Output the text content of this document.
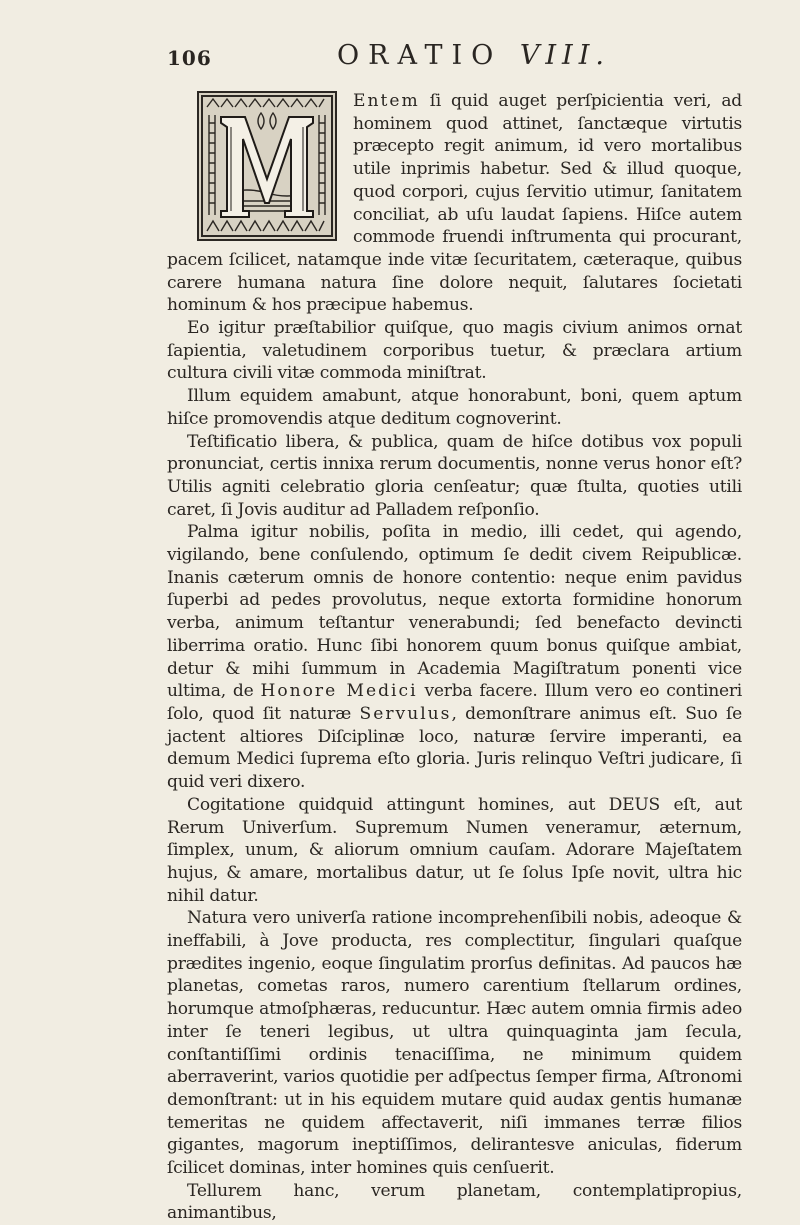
106	ORATIO VIII.

Entem ſi quid auget perſpicientia veri, ad hominem quod attinet, ſanctæque virtutis præcepto regit animum, id vero mortalibus utile inprimis habetur. Sed & illud quoque, quod corpori, cujus ſervitio utimur, ſanitatem conciliat, ab uſu laudat ſapiens. Hiſce autem commode fruendi inſtrumenta qui procurant, pacem ſcilicet, natamque inde vitæ ſecuritatem, cæteraque, quibus carere humana natura ſine dolore nequit, ſalutares ſocietati hominum & hos præcipue habemus.

Eo igitur præſtabilior quiſque, quo magis civium animos ornat ſapientia, valetudinem corporibus tuetur, & præclara artium cultura civili vitæ commoda miniſtrat.

Illum equidem amabunt, atque honorabunt, boni, quem aptum hiſce promovendis atque deditum cognoverint.

Teſtificatio libera, & publica, quam de hiſce dotibus vox populi pronunciat, certis innixa rerum documentis, nonne verus honor eſt? Utilis agniti celebratio gloria cenſeatur; quæ ſtulta, quoties utili caret, ſi Jovis auditur ad Palladem reſponſio.

Palma igitur nobilis, poſita in medio, illi cedet, qui agendo, vigilando, bene conſulendo, optimum ſe dedit civem Reipublicæ. Inanis cæterum omnis de honore contentio: neque enim pavidus ſuperbi ad pedes provolutus, neque extorta formidine honorum verba, animum teſtantur venerabundi; ſed benefacto devincti liberrima oratio. Hunc ſibi honorem quum bonus quiſque ambiat, detur & mihi ſummum in Academia Magiſtratum ponenti vice ultima, de Honore Medici verba facere. Illum vero eo contineri ſolo, quod ſit naturæ Servulus, demonſtrare animus eſt. Suo ſe jactent altiores Diſciplinæ loco, naturæ ſervire imperanti, ea demum Medici ſuprema eſto gloria. Juris relinquo Veſtri judicare, ſi quid veri dixero.

Cogitatione quidquid attingunt homines, aut DEUS eſt, aut Rerum Univerſum. Supremum Numen veneramur, æternum, ſimplex, unum, & aliorum omnium cauſam. Adorare Majeſtatem hujus, & amare, mortalibus datur, ut ſe ſolus Ipſe novit, ultra hic nihil datur.

Natura vero univerſa ratione incomprehenſibili nobis, adeoque & ineffabili, à Jove producta, res complectitur, ſingulari quaſque prædites ingenio, eoque ſingulatim prorſus definitas. Ad paucos hæ planetas, cometas raros, numero carentium ſtellarum ordines, horumque atmoſphæras, reducuntur. Hæc autem omnia firmis adeo inter ſe teneri legibus, ut ultra quinquaginta jam ſecula, conſtantiſſimi ordinis tenaciſſima, ne minimum quidem aberraverint, varios quotidie per adſpectus ſemper firma, Aſtronomi demonſtrant: ut in his equidem mutare quid audax gentis humanæ temeritas ne quidem affectaverit, niſi immanes terræ filios gigantes, magorum ineptiſſimos, delirantesve aniculas, fiderum ſcilicet dominas, inter homines quis cenſuerit.

Tellurem hanc, verum planetam, contemplatipropius, animantibus,
